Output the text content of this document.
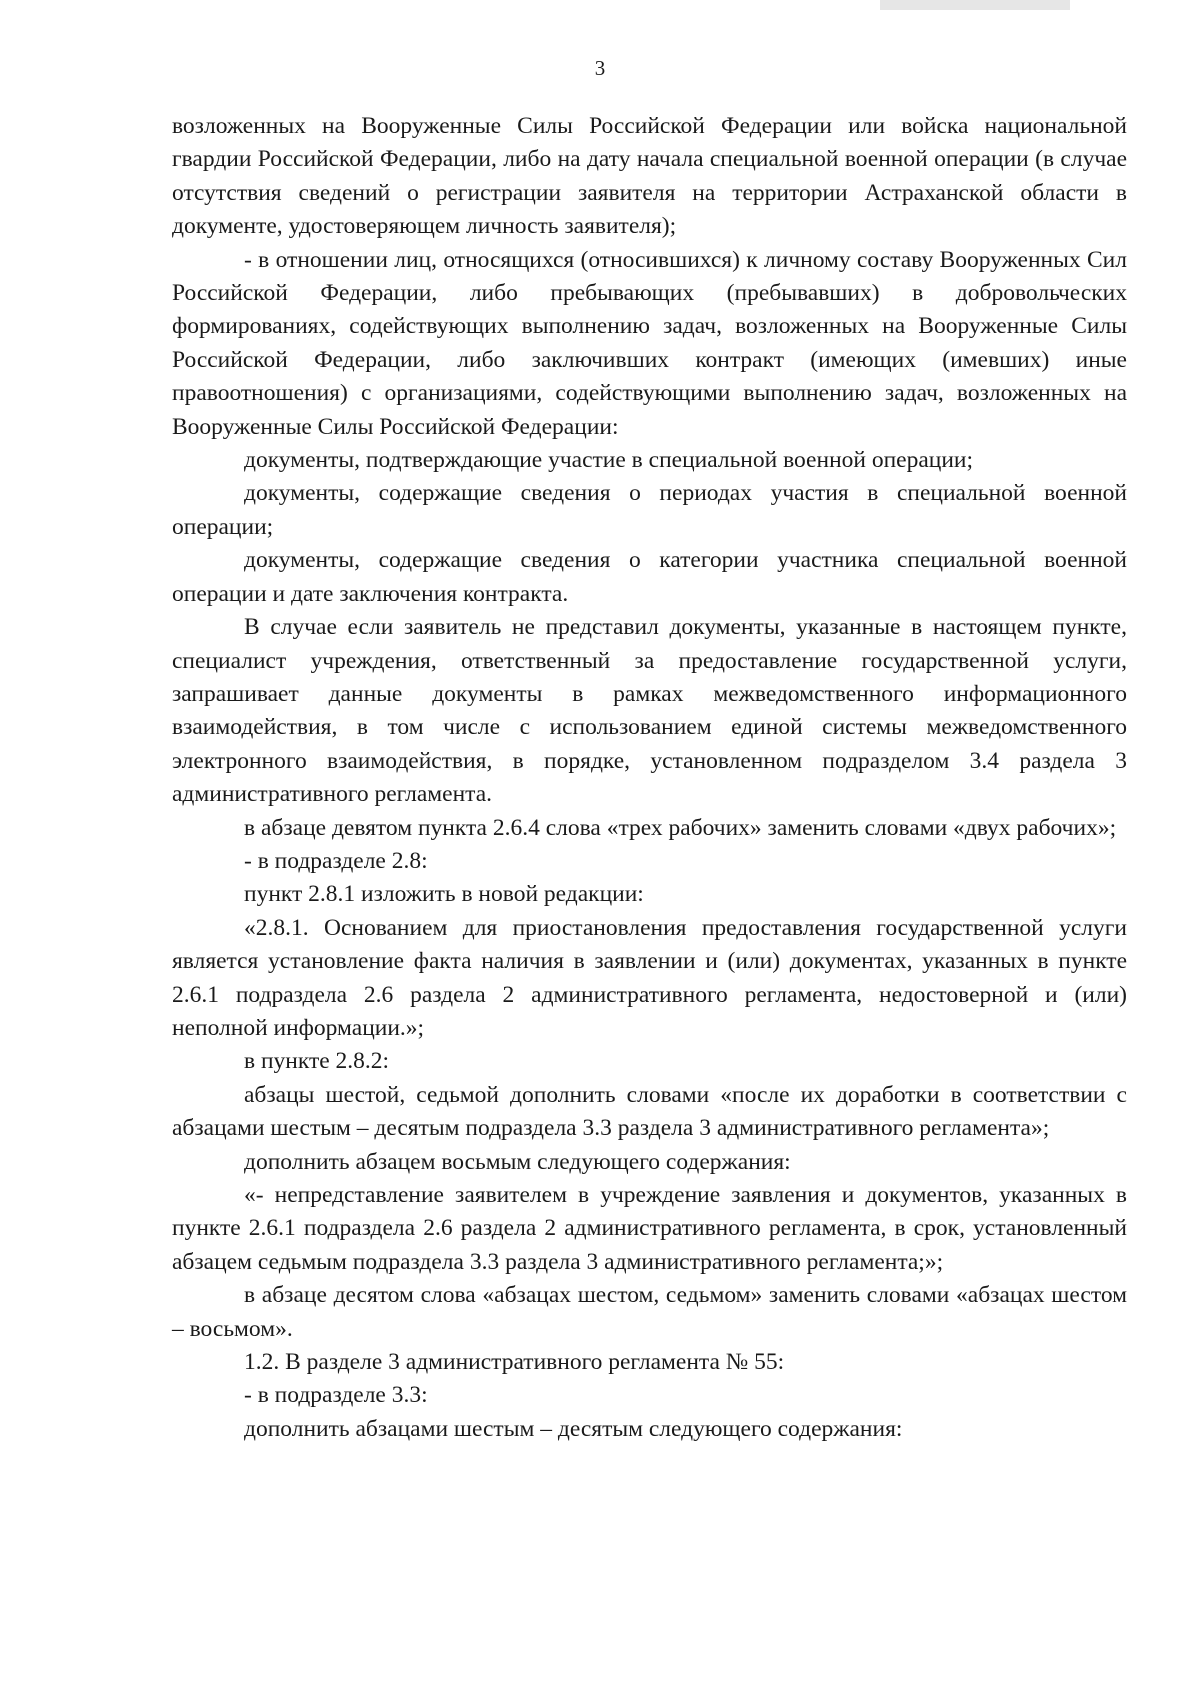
3

возложенных на Вооруженные Силы Российской Федерации или войска национальной гвардии Российской Федерации, либо на дату начала специальной военной операции (в случае отсутствия сведений о регистрации заявителя на территории Астраханской области в документе, удостоверяющем личность заявителя);

- в отношении лиц, относящихся (относившихся) к личному составу Вооруженных Сил Российской Федерации, либо пребывающих (пребывавших) в добровольческих формированиях, содействующих выполнению задач, возложенных на Вооруженные Силы Российской Федерации, либо заключивших контракт (имеющих (имевших) иные правоотношения) с организациями, содействующими выполнению задач, возложенных на Вооруженные Силы Российской Федерации:

документы, подтверждающие участие в специальной военной операции;

документы, содержащие сведения о периодах участия в специальной военной операции;

документы, содержащие сведения о категории участника специальной военной операции и дате заключения контракта.

В случае если заявитель не представил документы, указанные в настоящем пункте, специалист учреждения, ответственный за предоставление государственной услуги, запрашивает данные документы в рамках межведомственного информационного взаимодействия, в том числе с использованием единой системы межведомственного электронного взаимодействия, в порядке, установленном подразделом 3.4 раздела 3 административного регламента.

в абзаце девятом пункта 2.6.4 слова «трех рабочих» заменить словами «двух рабочих»;

- в подразделе 2.8:

пункт 2.8.1 изложить в новой редакции:

«2.8.1. Основанием для приостановления предоставления государственной услуги является установление факта наличия в заявлении и (или) документах, указанных в пункте 2.6.1 подраздела 2.6 раздела 2 административного регламента, недостоверной и (или) неполной информации.»;

в пункте 2.8.2:

абзацы шестой, седьмой дополнить словами «после их доработки в соответствии с абзацами шестым – десятым подраздела 3.3 раздела 3 административного регламента»;

дополнить абзацем восьмым следующего содержания:

«- непредставление заявителем в учреждение заявления и документов, указанных в пункте 2.6.1 подраздела 2.6 раздела 2 административного регламента, в срок, установленный абзацем седьмым подраздела 3.3 раздела 3 административного регламента;»;

в абзаце десятом слова «абзацах шестом, седьмом» заменить словами «абзацах шестом – восьмом».

1.2. В разделе 3 административного регламента № 55:

- в подразделе 3.3:

дополнить абзацами шестым – десятым следующего содержания:
